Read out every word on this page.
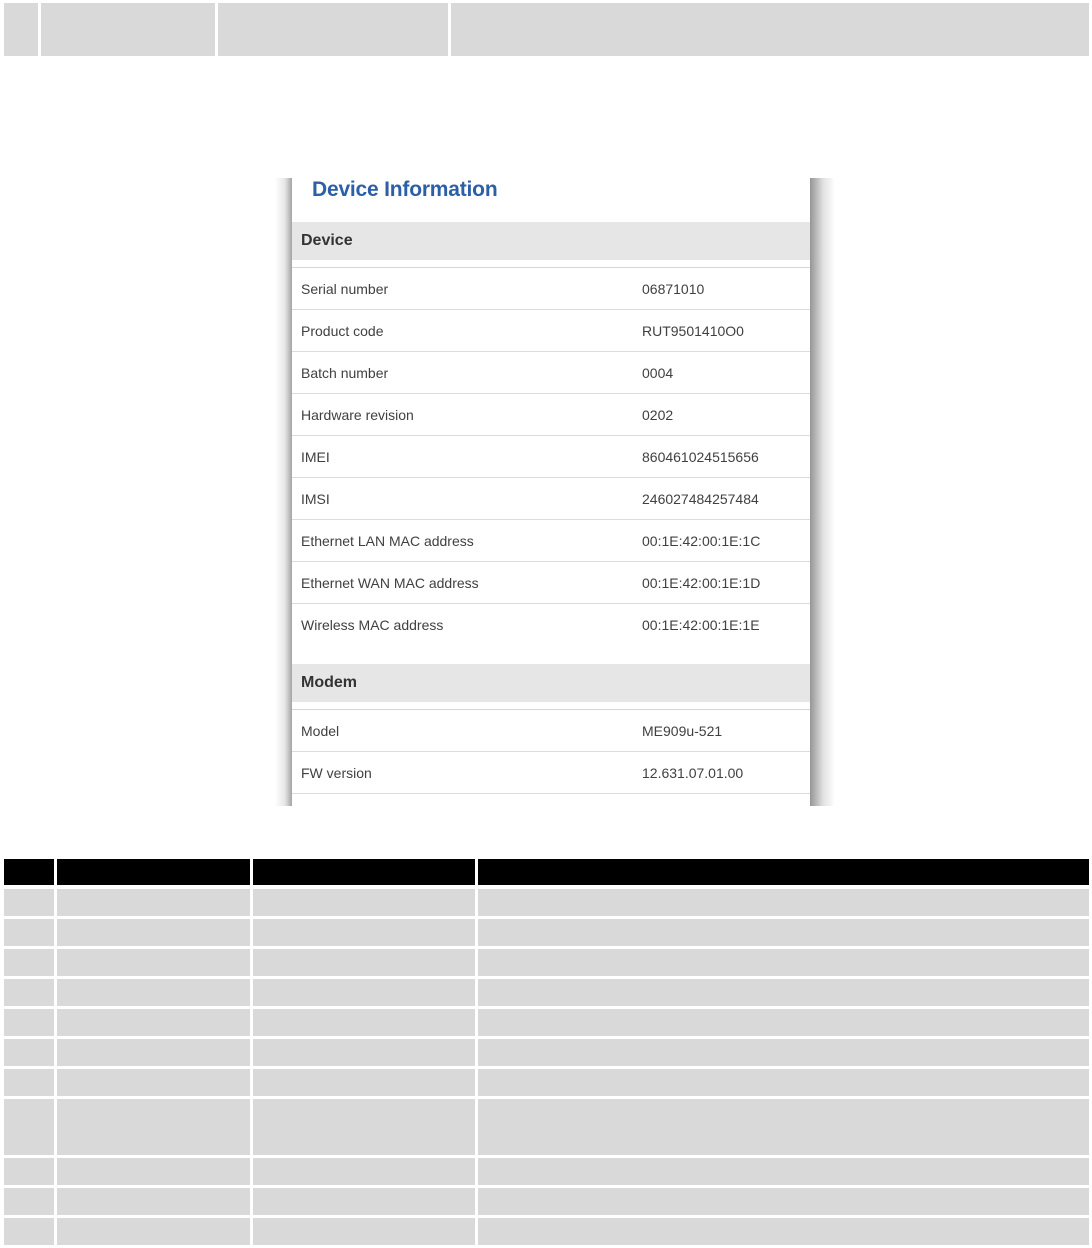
Device Information
Device
Serial number	06871010
Product code	RUT9501410O0
Batch number	0004
Hardware revision	0202
IMEI	860461024515656
IMSI	246027484257484
Ethernet LAN MAC address	00:1E:42:00:1E:1C
Ethernet WAN MAC address	00:1E:42:00:1E:1D
Wireless MAC address	00:1E:42:00:1E:1E
Modem
Model	ME909u-521
FW version	12.631.07.01.00
